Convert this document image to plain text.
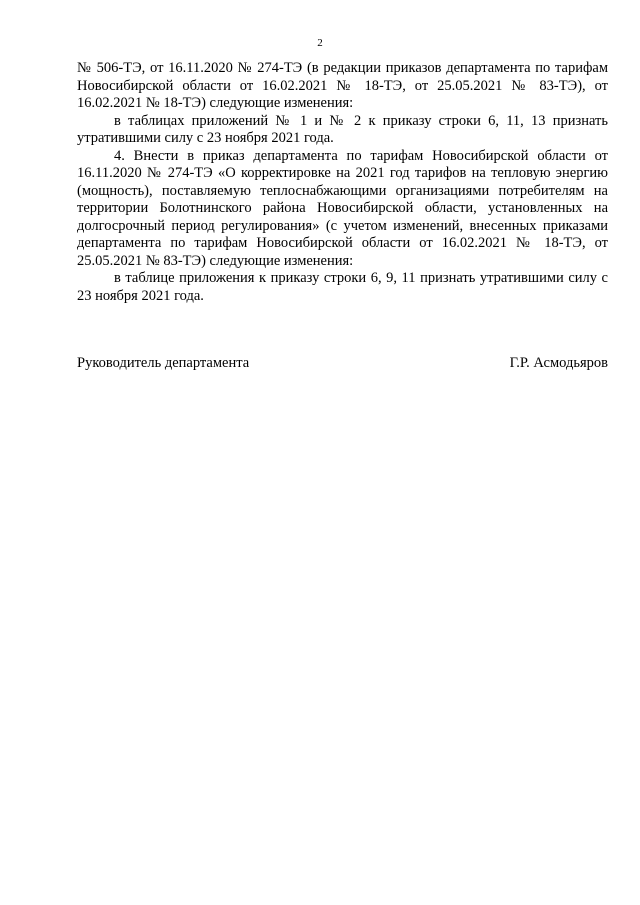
2

№ 506-ТЭ, от 16.11.2020 № 274-ТЭ (в редакции приказов департамента по тарифам Новосибирской области от 16.02.2021 № 18-ТЭ, от 25.05.2021 № 83-ТЭ), от 16.02.2021 № 18-ТЭ) следующие изменения:

в таблицах приложений № 1 и № 2 к приказу строки 6, 11, 13 признать утратившими силу с 23 ноября 2021 года.

4. Внести в приказ департамента по тарифам Новосибирской области от 16.11.2020 № 274-ТЭ «О корректировке на 2021 год тарифов на тепловую энергию (мощность), поставляемую теплоснабжающими организациями потребителям на территории Болотнинского района Новосибирской области, установленных на долгосрочный период регулирования» (с учетом изменений, внесенных приказами департамента по тарифам Новосибирской области от 16.02.2021 № 18-ТЭ, от 25.05.2021 № 83-ТЭ) следующие изменения:

в таблице приложения к приказу строки 6, 9, 11 признать утратившими силу с 23 ноября 2021 года.

Руководитель департамента	Г.Р. Асмодьяров
